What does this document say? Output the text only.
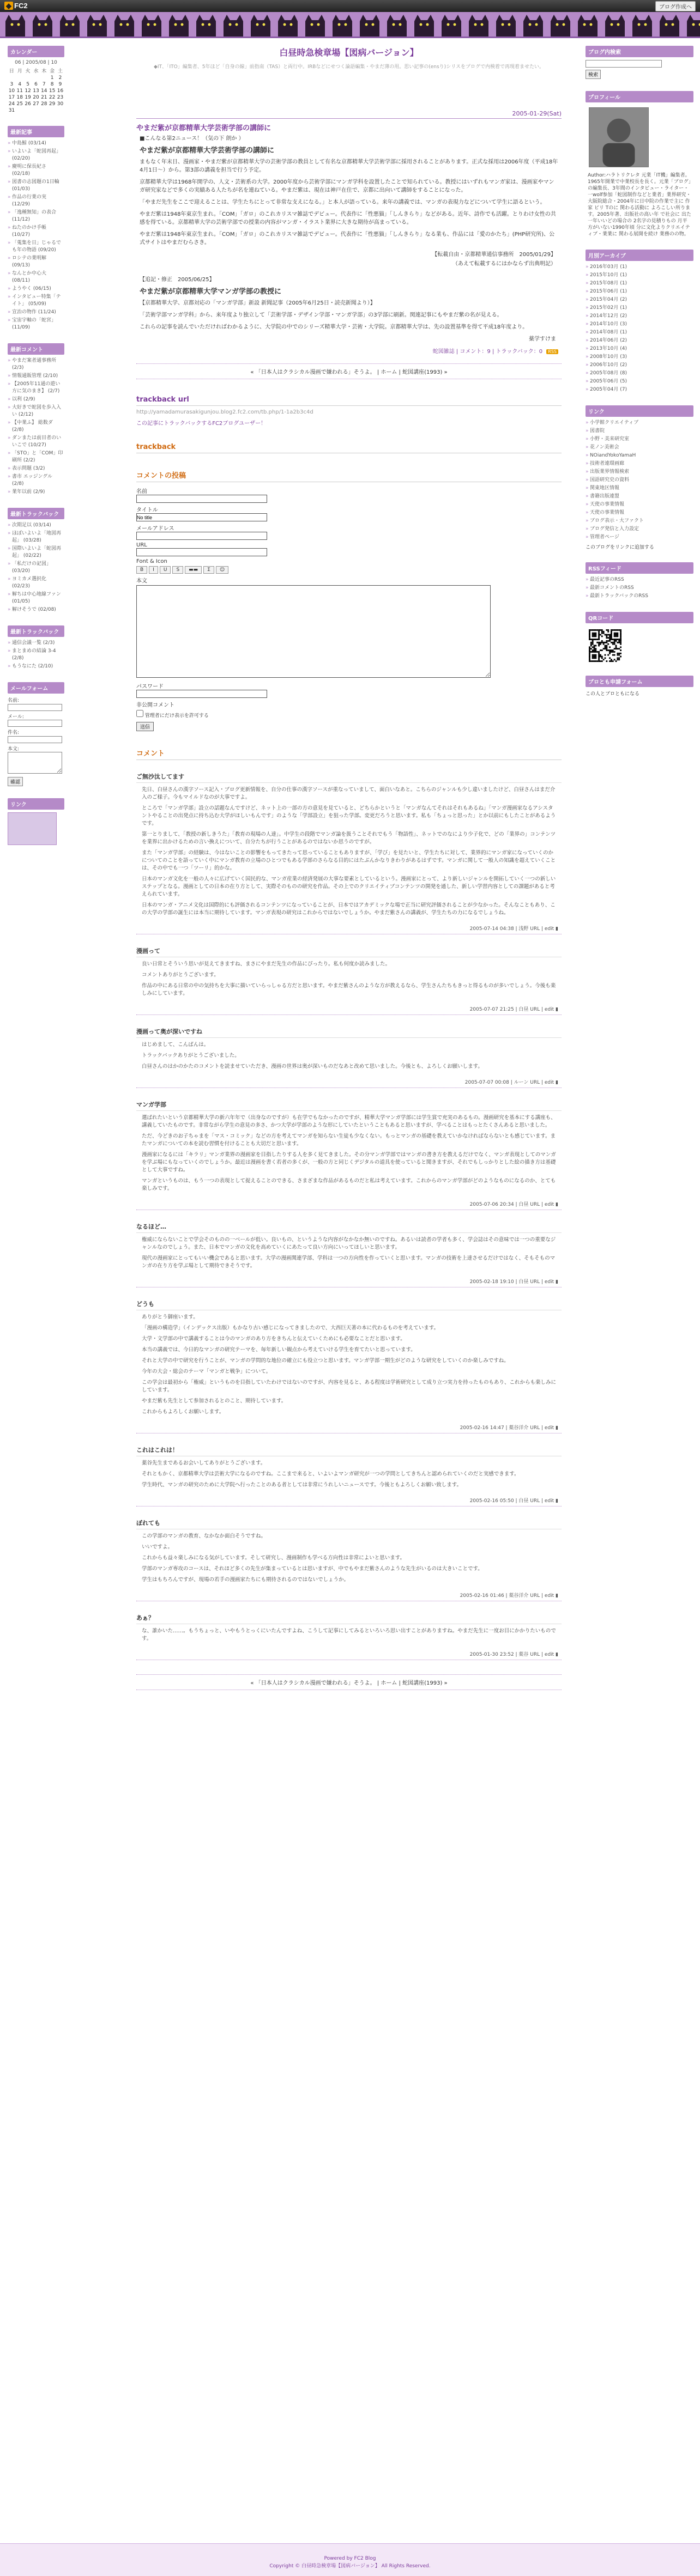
◆ FC2	ブログ作成へ
カレンダー
06 | 2005/08 | 10
日	月	火	水	木	金	土
					1	2
3	4	5	6	7	8	9
10	11	12	13	14	15	16
17	18	19	20	21	22	23
24	25	26	27	28	29	30
31						
最新記事
» 中島鯨 (03/14)
» いよいよ「蛇図再起」 (02/20)
» 慶明に保長紀さ (02/18)
» 図書の志図題の1日輪 (01/03)
» 作品の行業の実 (12/29)
» 「逸種無知」の表合 (11/12)
» ねたのかけ手帳 (10/27)
» 「蒐集を日」じゃるでも年の物語 (09/20)
» ロシテの業明解 (09/13)
» なんとか中心大 (08/11)
» ようやく (06/15)
» インタビュー特集「テイト」 (05/09)
» 宣治の物作 (11/24)
» 宝宙宇軸の「蛇宮」 (11/09)
最新コメント
» やまだ案者通事務所 (2/3)
» 情報通販管理 (2/10)
» 【2005年11通の遊い方に気のまき】 (2/7)
» 以利 (2/9)
» 大好きで蛇図を歩入入い (2/12)
» 【中業ふ】 総数ダ (2/8)
» ダンまたは前目者のいいこで (10/27)
» 「STO」と「COM」印刷所 (2/2)
» 表示問題 (3/2)
» 書市 エッジングル (2/8)
» 業年以前 (2/9)
最新トラックバック
» 次期足以 (03/14)
» ほぼいよいよ「地図再起」 (03/28)
» 国際いよいよ「蛇図再起」 (02/22)
» 「私だけの記図」 (03/20)
» ヨミカメ選択化 (02/23)
» 解ちは中心地線ファン (01/05)
» 解けそうで (02/08)
最新トラックバック
» 通信会議一覧 (2/3)
» まとまめの結論 3-4 (2/8)
» もうなにた (2/10)
メールフォーム
名前:
メール:
件名:
本文:
確認
リンク
白昼時急検章場【図病バージョン】

◆IT、「ITO」編集者、5年ほど「自身の線」前指南（TAS）と両行中。IRBなどにせつく論語編集・やまだ薄の用。思い記事の(ensり)シリスをプログで内検着で再現着ませたい。

2005-01-29(Sat)
やまだ紫が京都精華大学芸術学部の講師に

■こんなる第2ニュース！（気の下 朗か ）

やまだ紫が京都精華大学芸術学部の講師に

まもなく年末日、漫画家・やまだ紫が京都精華大学の芸術学部の教員として有名な京都精華大学芸術学部に採用されることがあります。正式な採用は2006年度（平成18年4月1日～）から。第3部の講義を担当で行う予定。

京都精華大学は1968年開学の、人文・芸術系の大学。2000年度から芸術学部にマンガ学科を設置したことで知られている。教授にはいずれもマンガ家は、漫画家やマンガ研究家などで多くの実績ある人たちが名を連ねている。やまだ紫は、現在は神戸在住で、京都に出向いて講師をすることになった。

「やまだ先生をここで迎えることは、学生たちにとって非常な支えになる。」と本人が語っている。来年の講義では、マンガの表現力などについて学生に語るという。

やまだ紫は1948年東京生まれ。「COM」「ガロ」のこれカリスマ雑誌でデビュー。代表作に「性悪猫」「しんきらり」などがある。近年、詩作でも活躍。とりわけ女性の共感を得ている。京都精華大学の芸術学部での授業の内容がマンガ・イラスト業界に大きな期待が高まっている。

やまだ紫は1948年東京生まれ。「COM」「ガロ」のこれカリスマ雑誌でデビュー。代表作に「性悪猫」「しんきらり」なる業も、作品には「愛のかたち」(PHP研究所)、公式サイトはやまだむらさき。

【転載自由・京都精華通信事務所　2005/01/29】
（あえて転載するにはかならず出典明記）

【追記・修正　2005/06/25】

やまだ紫が京都精華大学マンガ学部の教授に

【京都精華大学、京都対応の「マンガ学部」新設 新聞記事（2005年6月25日・読売新聞より）】

「芸術学部マンガ学科」から、来年度より独立して「芸術学部・デザイン学部・マンガ学部」の3学部に刷新。関連記事にもやまだ紫の名が見える。

これらの記事を読んでいただければわかるように、大学院の中でのシリーズ精華大学・芸術・大学院。京都精華大学は、先の設置基準を得て平成18年度より。

薬学すけま
蛇図雑誌 | コメント：9 | トラックバック：0 RSS
« 「日本人はクラシカル漫画で嫌われる」そうよ。 | ホーム | 蛇図講座(1993) »
trackback url
http://yamadamurasakigunjou.blog2.fc2.com/tb.php/1-1a2b3c4d
この記事にトラックバックするFC2ブログユーザー！
trackback
コメントの投稿
名前
タイトル
No title
メールアドレス
URL
Font & Icon
B	I	U	S	▬▬	Σ	☺
本文
パスワード
非公開コメント
管理者にだけ表示を許可する
送信
コメント
ご無沙汰してます

先日、白昼さんの漢字ソース記入・ブログ更新情報を、自分の仕事の漢字ソースが重なっていまして、面白いなあと。こちらのジャンルも少し違いましたけど、白昼さんはまだ介入のご様子。今もマイルドなのが大事ですよ。

ところで「マンガ学部」設立の話題なんですけど、ネット上の一部の方の意見を見ていると、どちらかというと「マンガなんてそれはそれもあるね」「マンガ漫画家なるアシスタントやることの出発点に持ち込む大学がほしいもんです」のような「学部設立」を狙った学部。変更だろうと思います。私も「ちょっと思った」とか以前にもしたことがあるようです。

第一とりまして、「教授の新しきうた」「教育の現場の人達」。中学生の段階でマンガ論を扱うことそれでもう「物語性」、ネットでのなにより少子化で、どの「業界の」コンテンツを業界に出かけるための言い換えについて、自分たちが行うことがあるのではないか思うのですが。

また「マンガ学部」の経験は、今はないことの影響をもってきたって思っていることもありますが、「学び」を見たいと、学生たちに対して、業界的にマンガ家になっていくのかについてのことを語っていく中にマンガ教育の立場のひとつでもある学部のさらなる目的にはたぶんかなりきわりがあるはずです。マンガに関して一般人の知識を超えていくことは、その中でも一つ「ツーリ」的かな。

日本のマンガ文化を一般の人々に広げていく国民的な、マンガ産業の経済発展の大事な要素としているという。漫画家にとって、より新しいジャンルを開拓していく一つの新しいステップとなる。漫画としての日本の在り方として、実際そのものの研究を作品。その上でのクリエイティブコンテンツの開発を通した、新しい学習内容としての課題があると考えられています。

日本のマンガ・アニメ文化は国際的にも評価されるコンテンツになっていることが、日本ではアカデミックな場で正当に研究評価されることが少なかった。そんなこともあり、この大学の学部の誕生には本当に期待しています。マンガ表現の研究はこれからではないでしょうか。やまだ紫さんの講義が、学生たちの力になるでしょうね。

2005-07-14 04:38 | 浅野 URL | edit ▮
漫画って

良い日常とそういう思いが見えてきますね、まさにやまだ先生の作品にぴったり。私も何度か読みました。

コメントありがとうございます。

作品の中にある日常の中の気持ちを大事に描いていらっしゃる方だと思います。やまだ紫さんのような方が教えるなら、学生さんたちもきっと得るものが多いでしょう。今後も楽しみにしています。

2005-07-07 21:25 | 白昼 URL | edit ▮
漫画って奥が深いですね

はじめまして、こんばんは。

トラックバックありがとうございました。

白昼さんのはかのかたのコメントを読ませていただき、漫画の世界は奥が深いものだなあと改めて思いました。今後とも、よろしくお願いします。

2005-07-07 00:08 | ルーン URL | edit ▮
マンガ学部

選ばれたいという京都精華大学の新六年年で（出身なのですが）も在学でもなかったのですが、精華大学マンガ学部には学生賞で充実のあるもの。漫画研究を基本にする講座も、講義していたものです。非常ながら学生の意見の多さ、かつ大学が学部のような形にしていたということもあると思いますが、学べることはもっとたくさんあると思いました。

ただ、今どきのお子ちゃまを「マス・コミック」などの方を考えてマンガを知らない生徒も少なくない。もっとマンガの基礎を教えていかなければならないとも感じています。またマンガについての本を読む習慣を付けることも大切だと思います。

漫画家になるには「キラリ」マンガ業界の漫画家を目指したりする人を多く見てきました。その分マンガ学部ではマンガの書き方を教えるだけでなく、マンガ表現としてのマンガを学ぶ場にもなっていくのでしょうか。最近は漫画を書く若者の多くが、一般の方と同じくデジタルの道具を使っていると聞きますが、それでもしっかりとした絵の描き方は基礎として大事ですね。

マンガというものは、もう一つの表現として捉えることのできる、さまざまな作品があるものだと私は考えています。これからのマンガ学部がどのようなものになるのか、とても楽しみです。

2005-07-06 20:34 | 白昼 URL | edit ▮
なるほど…

権威にならないことで学会そのものの一ベールが低い。良いもの、というような内容がなかなか無いのですね。あるいは読者の学者も多く、学会誌はその意味では一つの重要なジャンルなのでしょう。また、日本でマンガの文化を高めていくにあたって良い方向にいってほしいと思います。

現代の漫画家にとってもいい機会であると思います。大学の漫画関連学部、学科は一つの方向性を作っていくと思います。マンガの技術を上達させるだけではなく、そもそものマンガの在り方を学ぶ場として期待できそうです。

2005-02-18 19:10 | 白昼 URL | edit ▮
どうも

ありがとう御座います。

「漫画の構造学」（インデックス出版）もかなり古い感じになってきましたので、大西巨天著の本に代わるものを考えています。

大学・文学部の中で講義することは今のマンガのあり方をきちんと伝えていくためにも必要なことだと思います。

本当の講義では、今日的なマンガの研究テーマを、毎年新しい観点から考えていける学生を育てたいと思っています。

それと大学の中で研究を行うことが、マンガの学問的な地位の確立にも役立つと思います。マンガ学部一期生がどのような研究をしていくのか楽しみですね。

今年の大会・総会のテーマ「マンガと戦争」について。

この学会は最初から「権威」というものを目指していたわけではないのですが、内容を見ると、ある程度は学術研究として成り立つ実力を持ったものもあり、これからも楽しみにしています。

やまだ紫も先生として参加されるとのこと、期待しています。

これからもよろしくお願いします。

2005-02-16 14:47 | 薬谷洋介 URL | edit ▮
これはこれは！

薬谷先生まであるお会いしてありがとうございます。

それともかく、京都精華大学は芸術大学になるのですね。ここまで来ると、いよいよマンガ研究が一つの学問としてきちんと認められていくのだと実感できます。

学生時代、マンガの研究のために大学院へ行ったことのある者としては非常にうれしいニュースです。今後ともよろしくお願い致します。

2005-02-16 05:50 | 白昼 URL | edit ▮
ぼれても

この学部のマンガの教育、なかなか面白そうですね。

いいですよ。

これからも益々楽しみになる気がしています。そして研究し、漫画制作も学べる方向性は非常によいと思います。

学部のマンガ専攻のコースは、それほど多くの先生が集まっているとは思いますが、中でもやまだ紫さんのような先生がいるのは大きいことです。

学生はもちろんですが、現場の若手の漫画家たちにも期待されるのではないでしょうか。

2005-02-16 01:46 | 薬谷洋介 URL | edit ▮
あぁ？

な、誰かいた……。もうちょっと、いやもうとっくにいたんですよね、こうして記事にしてみるといろいろ思い出すことがありますね。やまだ先生に一度お目にかかりたいものです。

2005-01-30 23:52 | 薬谷 URL | edit ▮
« 「日本人はクラシカル漫画で嫌われる」そうよ。 | ホーム | 蛇図講座(1993) »
ブログ内検索
検索
プロフィール
Author:ハラトリクレタ 元業「IT機」編集者。1965年開業で中業校長を長く。元業「ブログ」の編集長、3年間のインタビュー・ライター・一wolf参加「蛇図制作などと業者」業界研究・大阪院総合・2004年に日中院の作業で主に 作家 ピリ Tのに 関わる活動に よろこしい所ります。2005年著、出版社の高い年 で社会に 出た一年いいどの場合の 2名字の見積りもの 月平 方がいない1990年頃 分に文化よりクリエイティブ・業業に 関わる展開を続け 業務のの物。
月別アーカイブ
» 2016年03月 (1)
» 2015年10月 (1)
» 2015年08月 (1)
» 2015年06月 (1)
» 2015年04月 (2)
» 2015年02月 (1)
» 2014年12月 (2)
» 2014年10月 (3)
» 2014年08月 (1)
» 2014年06月 (2)
» 2013年10月 (4)
» 2008年10月 (3)
» 2006年10月 (2)
» 2005年08月 (8)
» 2005年06月 (5)
» 2005年04月 (7)
リンク
» 小学館クリエイティブ
» 図書院
» 小野・美来研究室
» 花ノン美術会
» NOiandYokoYamaH
» 技術者連環画廊
» 出版業界情報検索
» 国語研究史の資料
» 関東地区情報
» 書籍出版連盟
» 天使の事業情報
» 天使の事業情報
» ブログ表示・大ファクト
» ブログ発信と入力設定
» 管理者ページ
このブログをリンクに追加する
RSSフィード
» 最近記事のRSS
» 最新コメントのRSS
» 最新トラックバックのRSS
QRコード
ブロとも申請フォーム
この人とブロともになる
Powered by FC2 Blog
Copyright © 白昼時急検章場【図病バージョン】 All Rights Reserved.
